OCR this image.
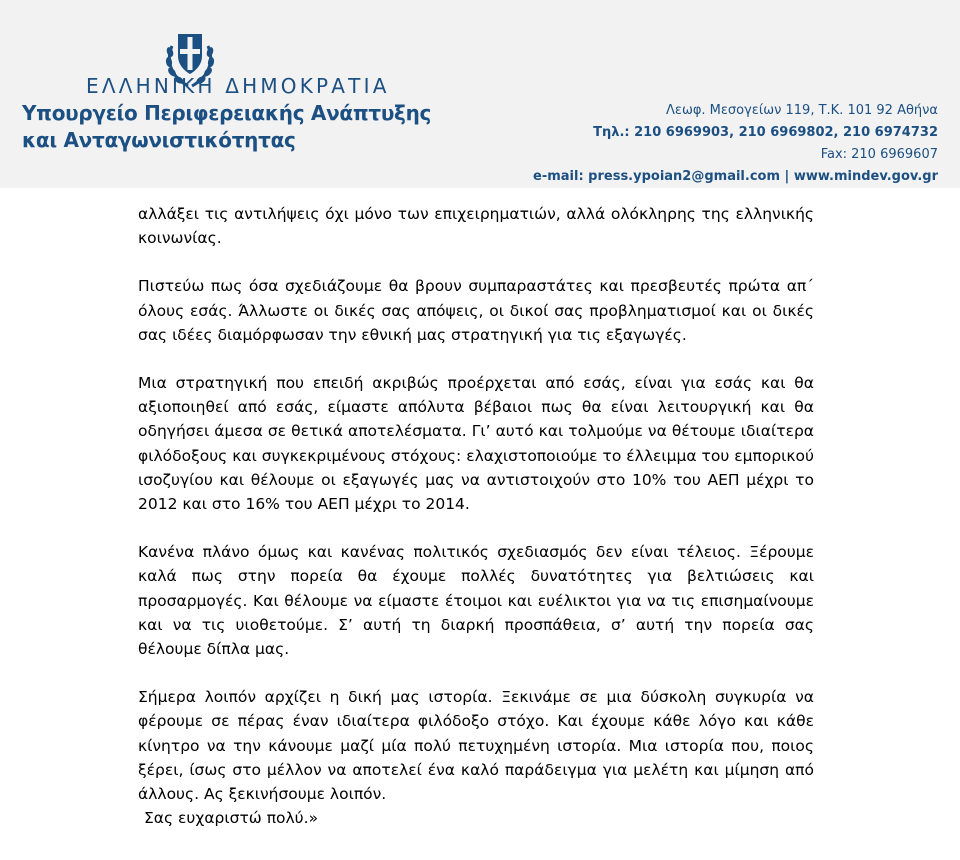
ΕΛΛΗΝΙΚΗ ΔΗΜΟΚΡΑΤΙΑ
Υπουργείο Περιφερειακής Ανάπτυξης
και Ανταγωνιστικότητας
Λεωφ. Μεσογείων 119, Τ.Κ. 101 92 Αθήνα
Τηλ.: 210 6969903, 210 6969802, 210 6974732
Fax: 210 6969607
e-mail: press.ypoian2@gmail.com | www.mindev.gov.gr

αλλάξει τις αντιλήψεις όχι μόνο των επιχειρηματιών, αλλά ολόκληρης της ελληνικής κοινωνίας.

Πιστεύω πως όσα σχεδιάζουμε θα βρουν συμπαραστάτες και πρεσβευτές πρώτα απ΄ όλους εσάς. Άλλωστε οι δικές σας απόψεις, οι δικοί σας προβληματισμοί και οι δικές σας ιδέες διαμόρφωσαν την εθνική μας στρατηγική για τις εξαγωγές.

Μια στρατηγική που επειδή ακριβώς προέρχεται από εσάς, είναι για εσάς και θα αξιοποιηθεί από εσάς, είμαστε απόλυτα βέβαιοι πως θα είναι λειτουργική και θα οδηγήσει άμεσα σε θετικά αποτελέσματα. Γι’ αυτό και τολμούμε να θέτουμε ιδιαίτερα φιλόδοξους και συγκεκριμένους στόχους: ελαχιστοποιούμε το έλλειμμα του εμπορικού ισοζυγίου και θέλουμε οι εξαγωγές μας να αντιστοιχούν στο 10% του ΑΕΠ μέχρι το 2012 και στο 16% του ΑΕΠ μέχρι το 2014.

Κανένα πλάνο όμως και κανένας πολιτικός σχεδιασμός δεν είναι τέλειος. Ξέρουμε καλά πως στην πορεία θα έχουμε πολλές δυνατότητες για βελτιώσεις και προσαρμογές. Και θέλουμε να είμαστε έτοιμοι και ευέλικτοι για να τις επισημαίνουμε και να τις υιοθετούμε. Σ’ αυτή τη διαρκή προσπάθεια, σ’ αυτή την πορεία σας θέλουμε δίπλα μας.

Σήμερα λοιπόν αρχίζει η δική μας ιστορία. Ξεκινάμε σε μια δύσκολη συγκυρία να φέρουμε σε πέρας έναν ιδιαίτερα φιλόδοξο στόχο. Και έχουμε κάθε λόγο και κάθε κίνητρο να την κάνουμε μαζί μία πολύ πετυχημένη ιστορία. Μια ιστορία που, ποιος ξέρει, ίσως στο μέλλον να αποτελεί ένα καλό παράδειγμα για μελέτη και μίμηση από άλλους. Ας ξεκινήσουμε λοιπόν.

Σας ευχαριστώ πολύ.»
